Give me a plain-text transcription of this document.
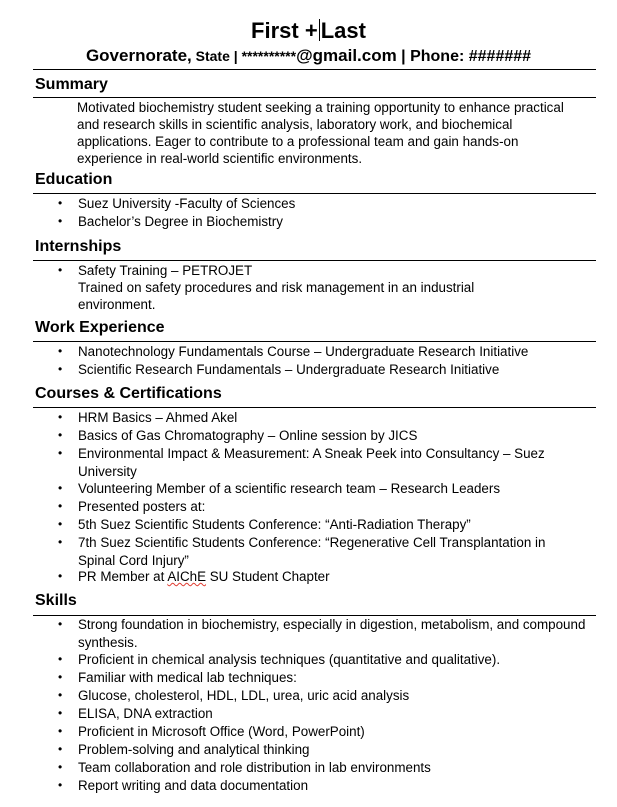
First + Last
Governorate, State | **********@gmail.com | Phone: #######
Summary
Motivated biochemistry student seeking a training opportunity to enhance practical and research skills in scientific analysis, laboratory work, and biochemical applications. Eager to contribute to a professional team and gain hands-on experience in real-world scientific environments.
Education
• Suez University -Faculty of Sciences
• Bachelor’s Degree in Biochemistry
Internships
• Safety Training – PETROJET
Trained on safety procedures and risk management in an industrial
environment.
Work Experience
• Nanotechnology Fundamentals Course – Undergraduate Research Initiative
• Scientific Research Fundamentals – Undergraduate Research Initiative
Courses & Certifications
• HRM Basics – Ahmed Akel
• Basics of Gas Chromatography – Online session by JICS
• Environmental Impact & Measurement: A Sneak Peek into Consultancy – Suez University
• Volunteering Member of a scientific research team – Research Leaders
• Presented posters at:
• 5th Suez Scientific Students Conference: “Anti-Radiation Therapy”
• 7th Suez Scientific Students Conference: “Regenerative Cell Transplantation in Spinal Cord Injury”
• PR Member at AIChE SU Student Chapter
Skills
• Strong foundation in biochemistry, especially in digestion, metabolism, and compound synthesis.
• Proficient in chemical analysis techniques (quantitative and qualitative).
• Familiar with medical lab techniques:
• Glucose, cholesterol, HDL, LDL, urea, uric acid analysis
• ELISA, DNA extraction
• Proficient in Microsoft Office (Word, PowerPoint)
• Problem-solving and analytical thinking
• Team collaboration and role distribution in lab environments
• Report writing and data documentation
